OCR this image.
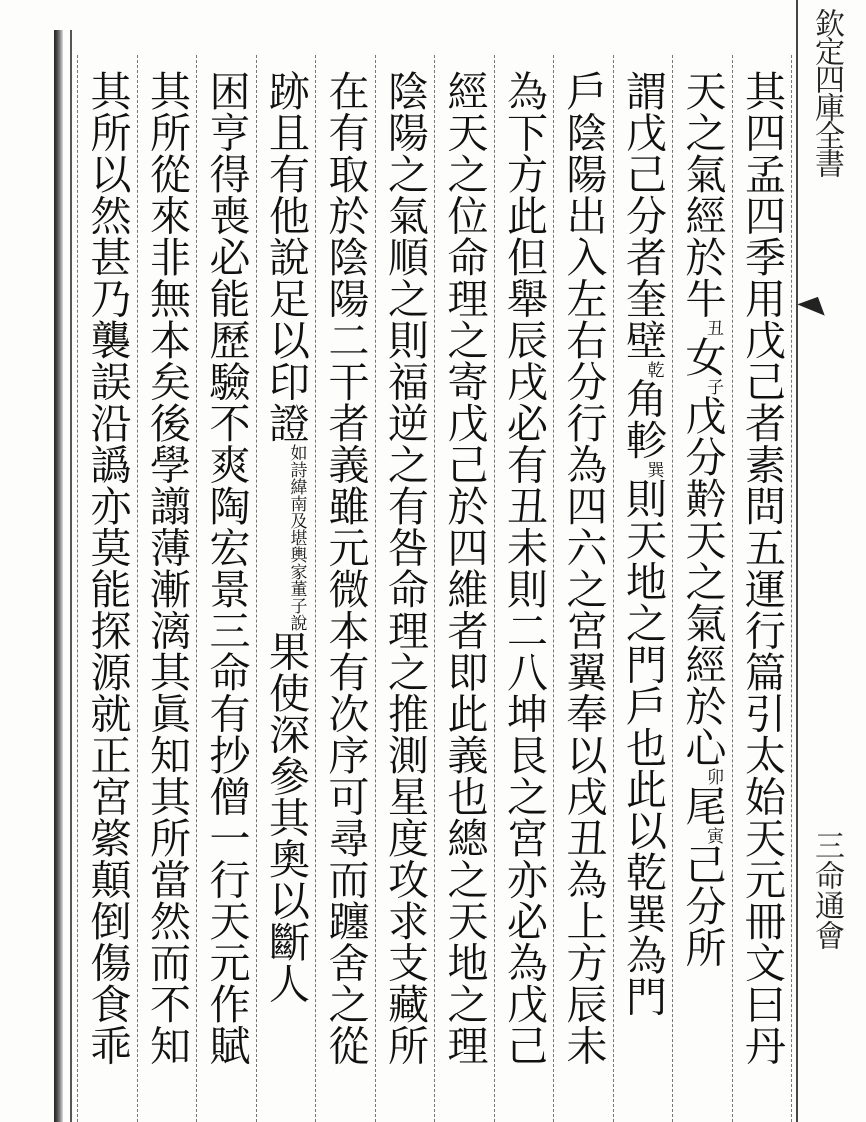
欽定四庫全書
三命通會
其四孟四季用戊己者素問五運行篇引太始天元冊文曰丹
天之氣經於牛丑女子戊分黅天之氣經於心卯尾寅己分所
謂戊己分者奎壁乾角軫巽則天地之門戶也此以乾巽為門
戶陰陽出入左右分行為四六之宮翼奉以戌丑為上方辰未
為下方此但舉辰戌必有丑未則二八坤艮之宮亦必為戊己
經天之位命理之寄戊己於四維者即此義也總之天地之理
陰陽之氣順之則福逆之有咎命理之推測星度攻求支藏所
在有取於陰陽二干者義雖元微本有次序可尋而躔舍之從
跡且有他說足以印證如詩緯南及堪輿家董子說果使深參其奧以斷人
困亨得喪必能歷驗不爽陶宏景三命有抄僧一行天元作賦
其所從來非無本矣後學譾薄漸漓其眞知其所當然而不知
其所以然甚乃襲誤沿譌亦莫能探源就正宮綮顛倒傷食乖
